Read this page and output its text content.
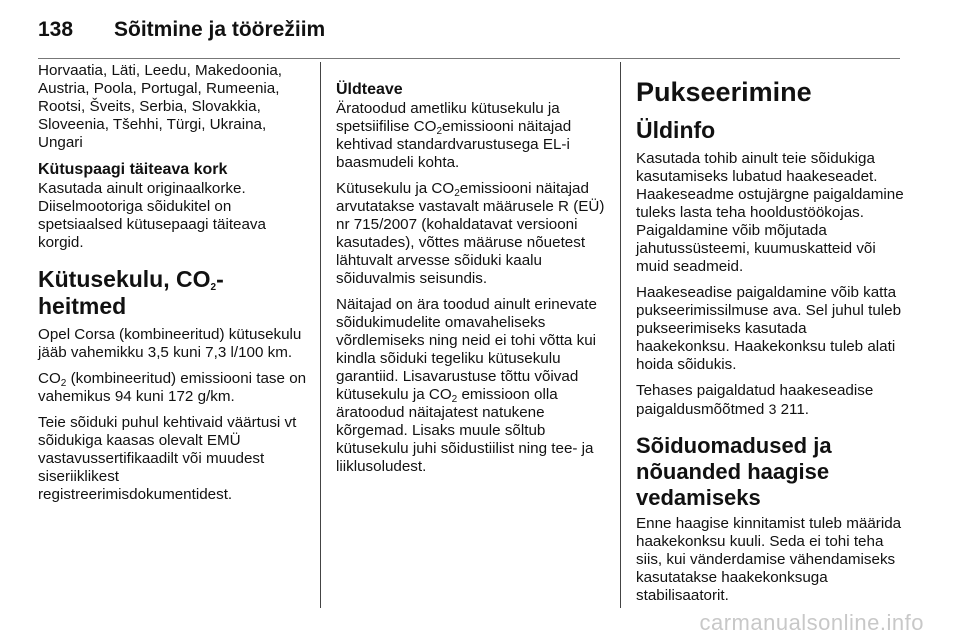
138	Sõitmine ja töörežiim

Horvaatia, Läti, Leedu, Makedoonia, Austria, Poola, Portugal, Rumeenia, Rootsi, Šveits, Serbia, Slovakkia, Sloveenia, Tšehhi, Türgi, Ukraina, Ungari

Kütuspaagi täiteava kork

Kasutada ainult originaalkorke. Diiselmootoriga sõidukitel on spetsiaalsed kütusepaagi täiteava korgid.

Kütusekulu, $CO_2$-heitmed

Opel Corsa (kombineeritud) kütusekulu jääb vahemikku 3,5 kuni 7,3 l/100 km.

$CO_2$ (kombineeritud) emissiooni tase on vahemikus 94 kuni 172 g/km.

Teie sõiduki puhul kehtivaid väärtusi vt sõidukiga kaasas olevalt EMÜ vastavussertifikaadilt või muudest siseriiklikest registreerimisdokumentidest.

Üldteave

Äratoodud ametliku kütusekulu ja spetsiifilise $CO_2emissiooni$ näitajad kehtivad standardvarustusega EL-i baasmudeli kohta.

Kütusekulu ja $CO_2emissiooni$ näitajad arvutatakse vastavalt määrusele R (EÜ) nr 715/2007 (kohaldatavat versiooni kasutades), võttes määruse nõuetest lähtuvalt arvesse sõiduki kaalu sõiduvalmis seisundis.

Näitajad on ära toodud ainult erinevate sõidukimudelite omavaheliseks võrdlemiseks ning neid ei tohi võtta kui kindla sõiduki tegeliku kütusekulu garantiid. Lisavarustuse tõttu võivad kütusekulu ja $CO_2$ emissioon olla äratoodud näitajatest natukene kõrgemad. Lisaks muule sõltub kütusekulu juhi sõidustiilist ning tee- ja liiklusoludest.

Pukseerimine
Üldinfo

Kasutada tohib ainult teie sõidukiga kasutamiseks lubatud haakeseadet. Haakeseadme ostujärgne paigaldamine tuleks lasta teha hooldustöökojas. Paigaldamine võib mõjutada jahutussüsteemi, kuumuskatteid või muid seadmeid.

Haakeseadise paigaldamine võib katta pukseerimissilmuse ava. Sel juhul tuleb pukseerimiseks kasutada haakekonksu. Haakekonksu tuleb alati hoida sõidukis.

Tehases paigaldatud haakeseadise paigaldusmõõtmed 3 211.

Sõiduomadused ja nõuanded haagise vedamiseks

Enne haagise kinnitamist tuleb määrida haakekonksu kuuli. Seda ei tohi teha siis, kui vänderdamise vähendamiseks kasutatakse haakekonksuga stabilisaatorit.

carmanualsonline.info
